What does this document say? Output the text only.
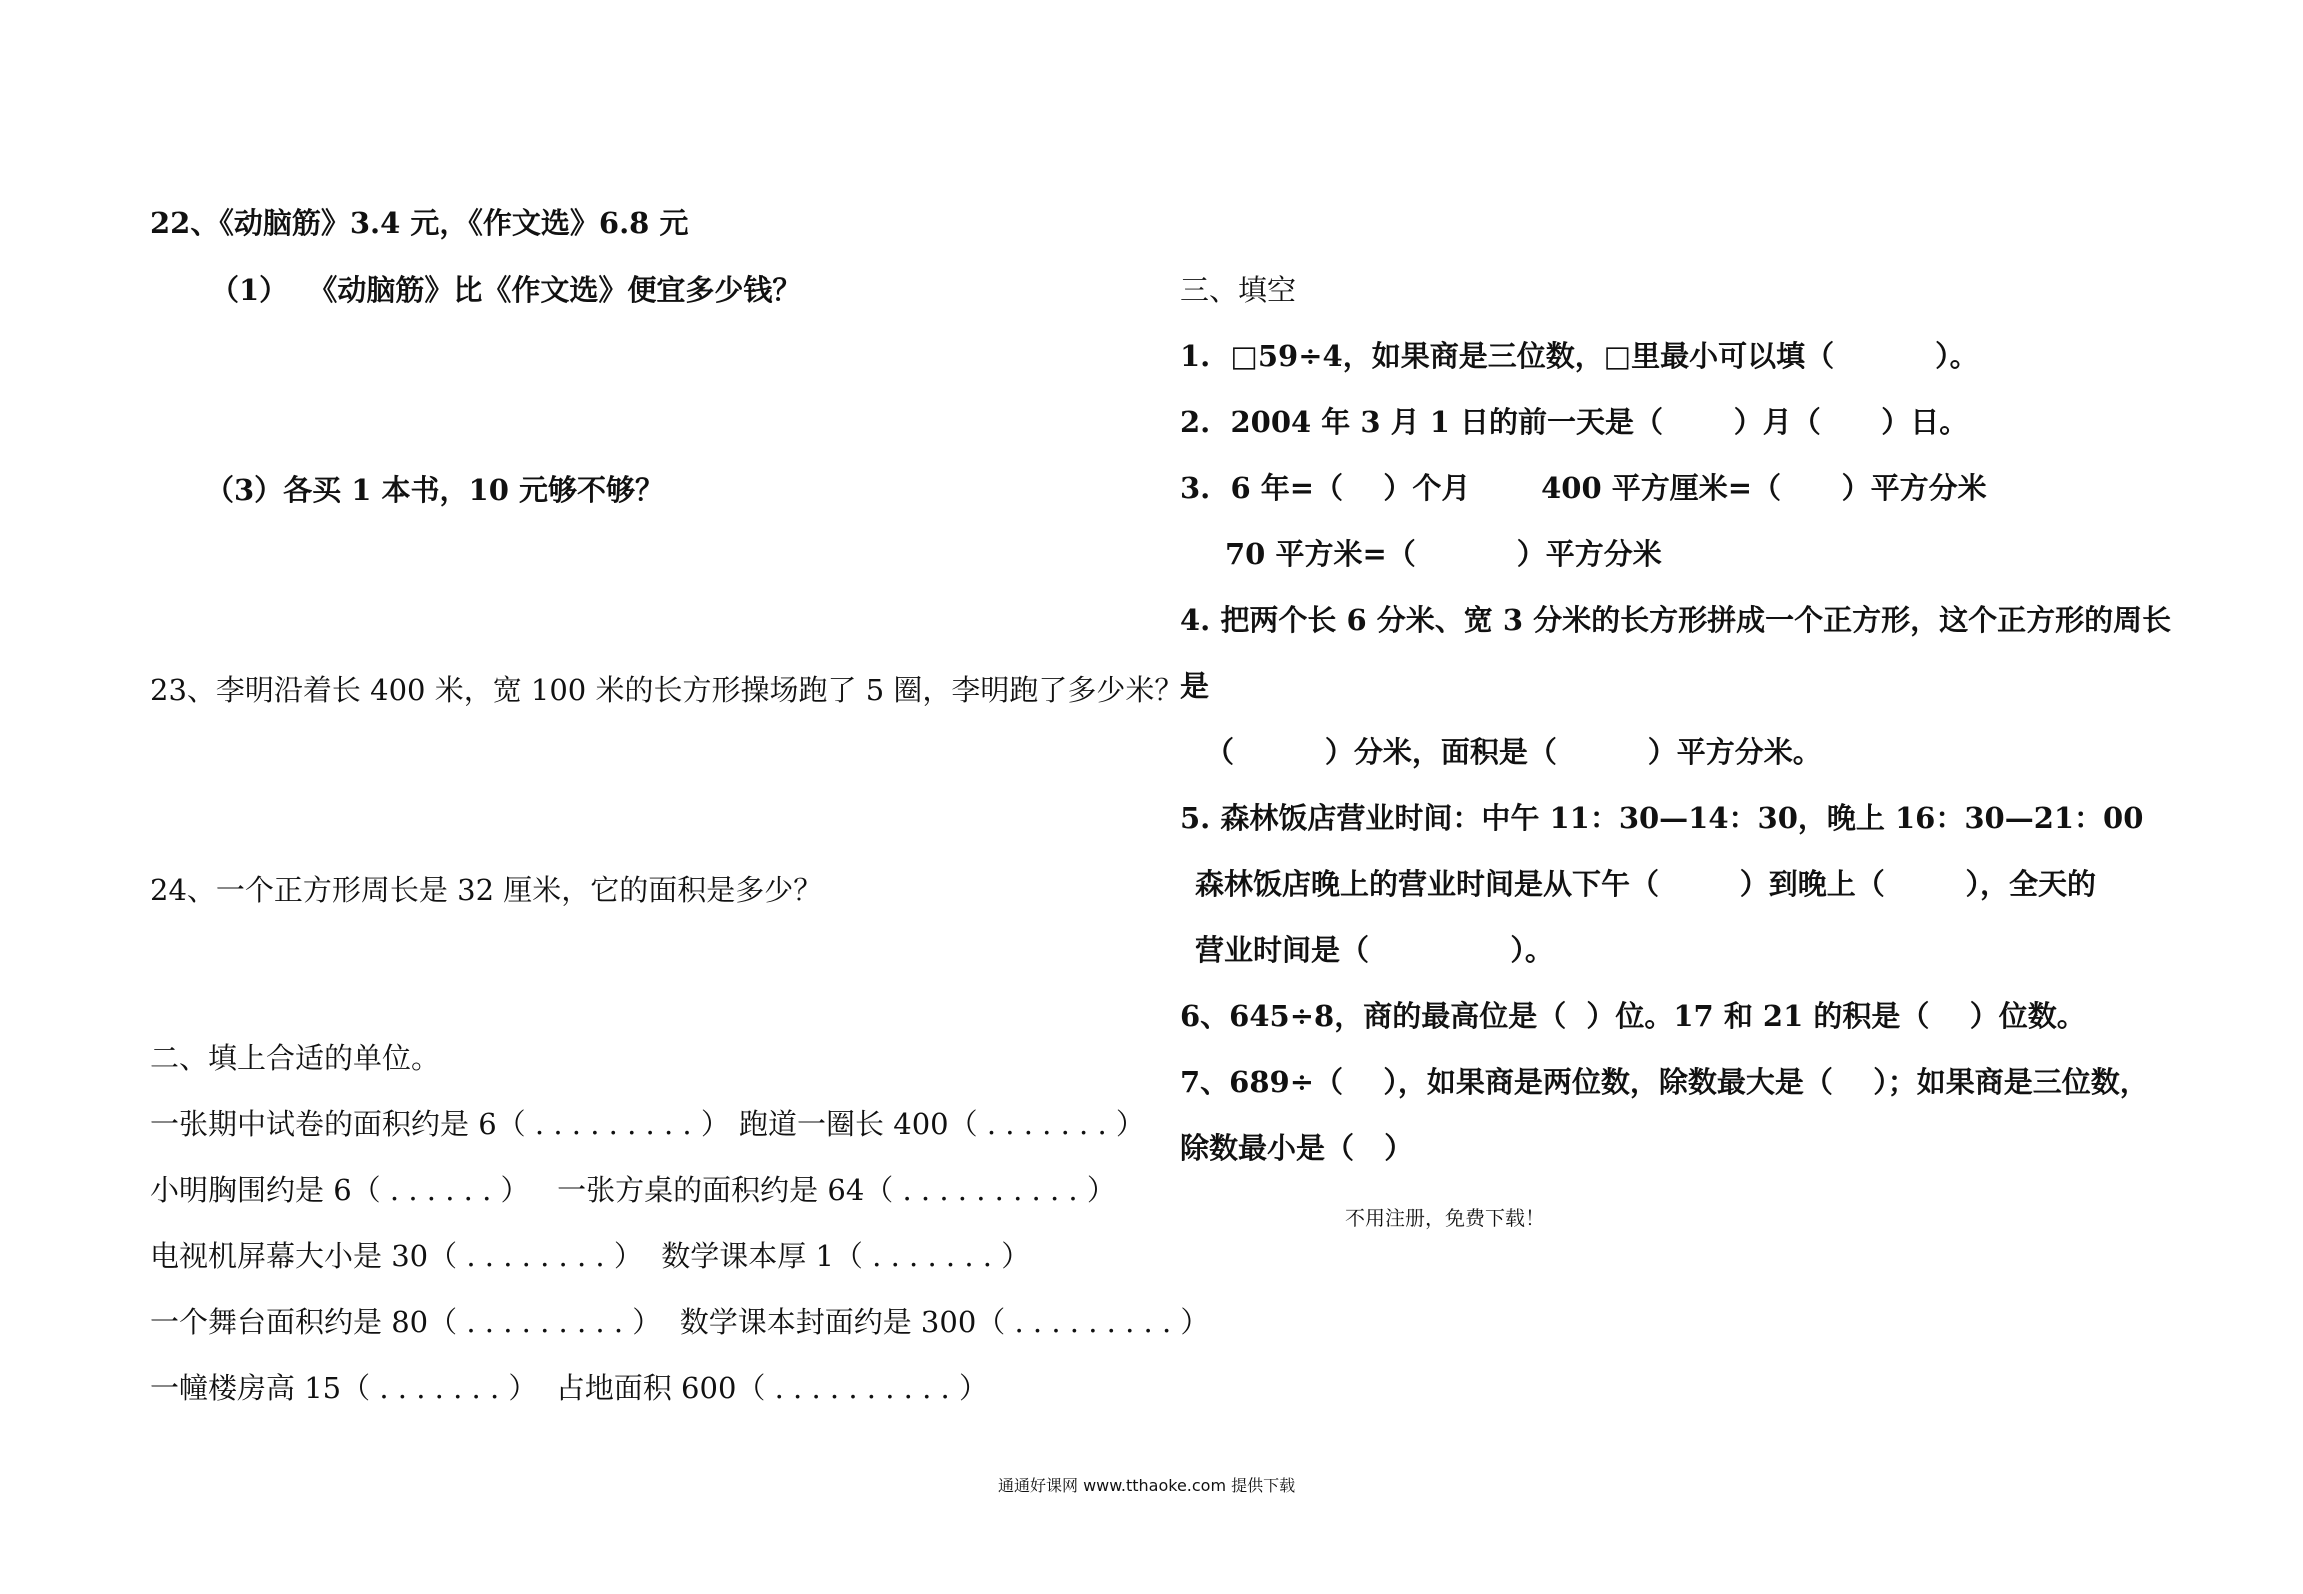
22、《动脑筋》3.4 元，《作文选》6.8 元
（1）  《动脑筋》比《作文选》便宜多少钱？
（3）各买 1 本书，10 元够不够？
23、李明沿着长 400 米，宽 100 米的长方形操场跑了 5 圈，李明跑了多少米？
24、一个正方形周长是 32 厘米，它的面积是多少？
二、填上合适的单位。
一张期中试卷的面积约是 6（ . . . . . . . . . ） 跑道一圈长 400（ . . . . . . . ）
小明胸围约是 6（ . . . . . . ）   一张方桌的面积约是 64（ . . . . . . . . . . ）
电视机屏幕大小是 30（ . . . . . . . . ）  数学课本厚 1（ . . . . . . . ）
一个舞台面积约是 80（ . . . . . . . . . ）  数学课本封面约是 300（ . . . . . . . . . ）
一幢楼房高 15（ . . . . . . . ）  占地面积 600（ . . . . . . . . . . ）
三、填空
1.  □59÷4，如果商是三位数，□里最小可以填（          ）。
2.  2004 年 3 月 1 日的前一天是（       ）月（      ）日。
3.  6 年=（    ）个月       400 平方厘米=（      ）平方分米
70 平方米=（          ）平方分米
4. 把两个长 6 分米、宽 3 分米的长方形拼成一个正方形，这个正方形的周长
是
（         ）分米，面积是（         ）平方分米。
5. 森林饭店营业时间：中午 11：30—14：30，晚上 16：30—21：00
森林饭店晚上的营业时间是从下午（        ）到晚上（        ），全天的
营业时间是（              ）。
6、645÷8，商的最高位是（  ）位。17 和 21 的积是（    ）位数。
7、689÷（    ），如果商是两位数，除数最大是（    ）；如果商是三位数，
除数最小是（   ）
不用注册，免费下载！
通通好课网 www.tthaoke.com 提供下载
